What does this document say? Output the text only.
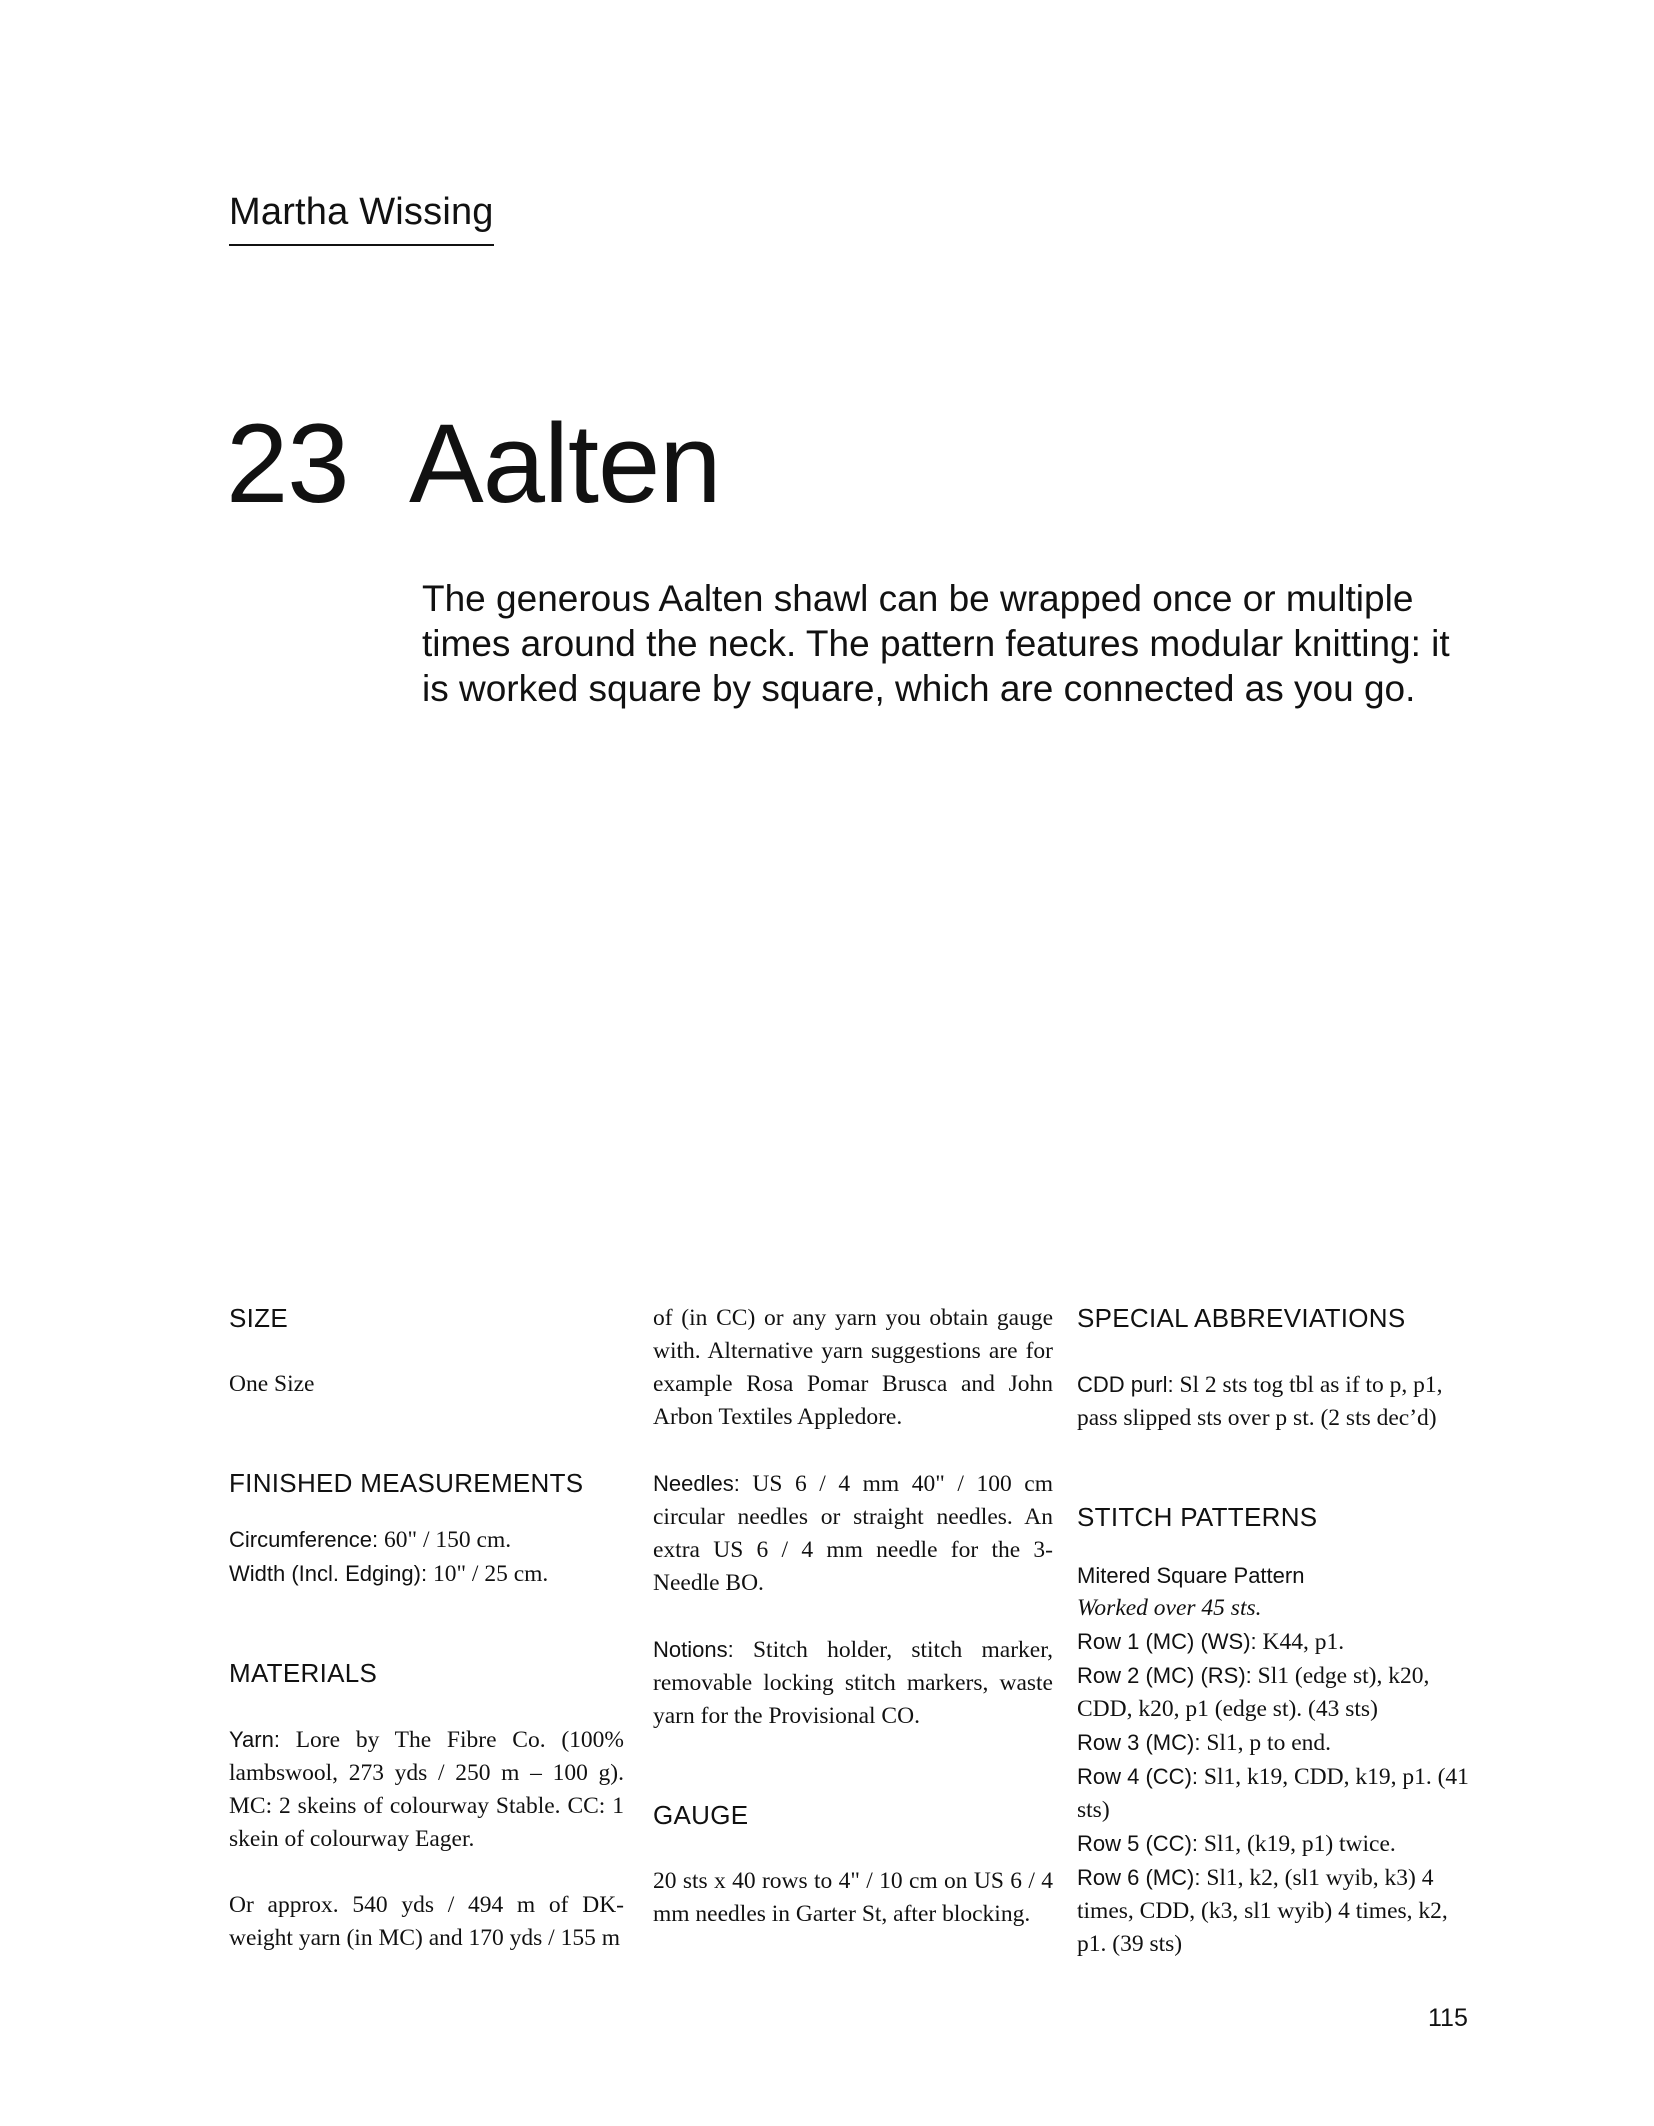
Martha Wissing
23 Aalten

The generous Aalten shawl can be wrapped once or multiple times around the neck. The pattern features modular knitting: it is worked square by square, which are connected as you go.

SIZE

One Size

FINISHED MEASUREMENTS

Circumference: 60" / 150 cm.

Width (Incl. Edging): 10" / 25 cm.

MATERIALS

Yarn: Lore by The Fibre Co. (100% lambswool, 273 yds / 250 m – 100 g). MC: 2 skeins of colourway Stable. CC: 1 skein of colourway Eager.

Or approx. 540 yds / 494 m of DK-weight yarn (in MC) and 170 yds / 155 m

of (in CC) or any yarn you obtain gauge with. Alternative yarn suggestions are for example Rosa Pomar Brusca and John Arbon Textiles Appledore.

Needles: US 6 / 4 mm 40" / 100 cm circular needles or straight needles. An extra US 6 / 4 mm needle for the 3-Needle BO.

Notions: Stitch holder, stitch marker, removable locking stitch markers, waste yarn for the Provisional CO.

GAUGE

20 sts x 40 rows to 4" / 10 cm on US 6 / 4 mm needles in Garter St, after blocking.

SPECIAL ABBREVIATIONS

CDD purl: Sl 2 sts tog tbl as if to p, p1, pass slipped sts over p st. (2 sts dec’d)

STITCH PATTERNS

Mitered Square Pattern

Worked over 45 sts.

Row 1 (MC) (WS): K44, p1.

Row 2 (MC) (RS): Sl1 (edge st), k20, CDD, k20, p1 (edge st). (43 sts)

Row 3 (MC): Sl1, p to end.

Row 4 (CC): Sl1, k19, CDD, k19, p1. (41 sts)

Row 5 (CC): Sl1, (k19, p1) twice.

Row 6 (MC): Sl1, k2, (sl1 wyib, k3) 4 times, CDD, (k3, sl1 wyib) 4 times, k2, p1. (39 sts)

115
